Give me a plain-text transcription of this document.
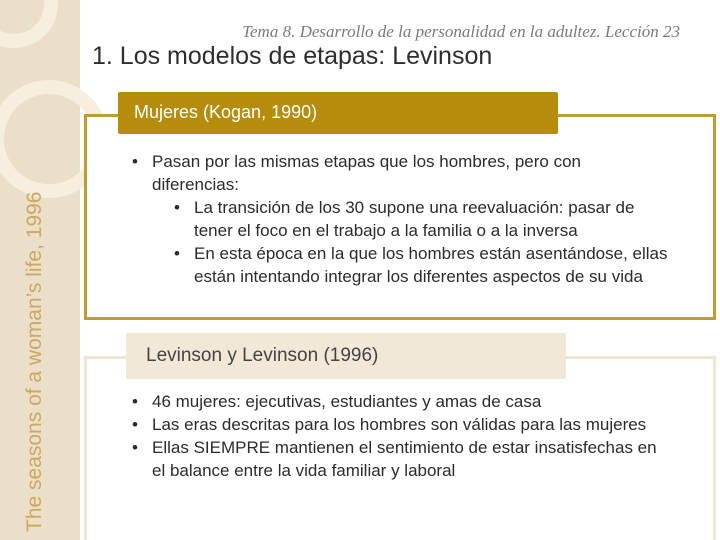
The seasons of a woman’s life, 1996
Tema 8. Desarrollo de la personalidad en la adultez. Lección 23
1. Los modelos de etapas: Levinson
Mujeres (Kogan, 1990)
• Pasan por las mismas etapas que los hombres, pero con diferencias:
• La transición de los 30 supone una reevaluación: pasar de tener el foco en el trabajo a la familia o a la inversa
• En esta época en la que los hombres están asentándose, ellas están intentando integrar los diferentes aspectos de su vida
Levinson y Levinson (1996)
• 46 mujeres: ejecutivas, estudiantes y amas de casa
• Las eras descritas para los hombres son válidas para las mujeres
• Ellas SIEMPRE mantienen el sentimiento de estar insatisfechas en el balance entre la vida familiar y laboral
